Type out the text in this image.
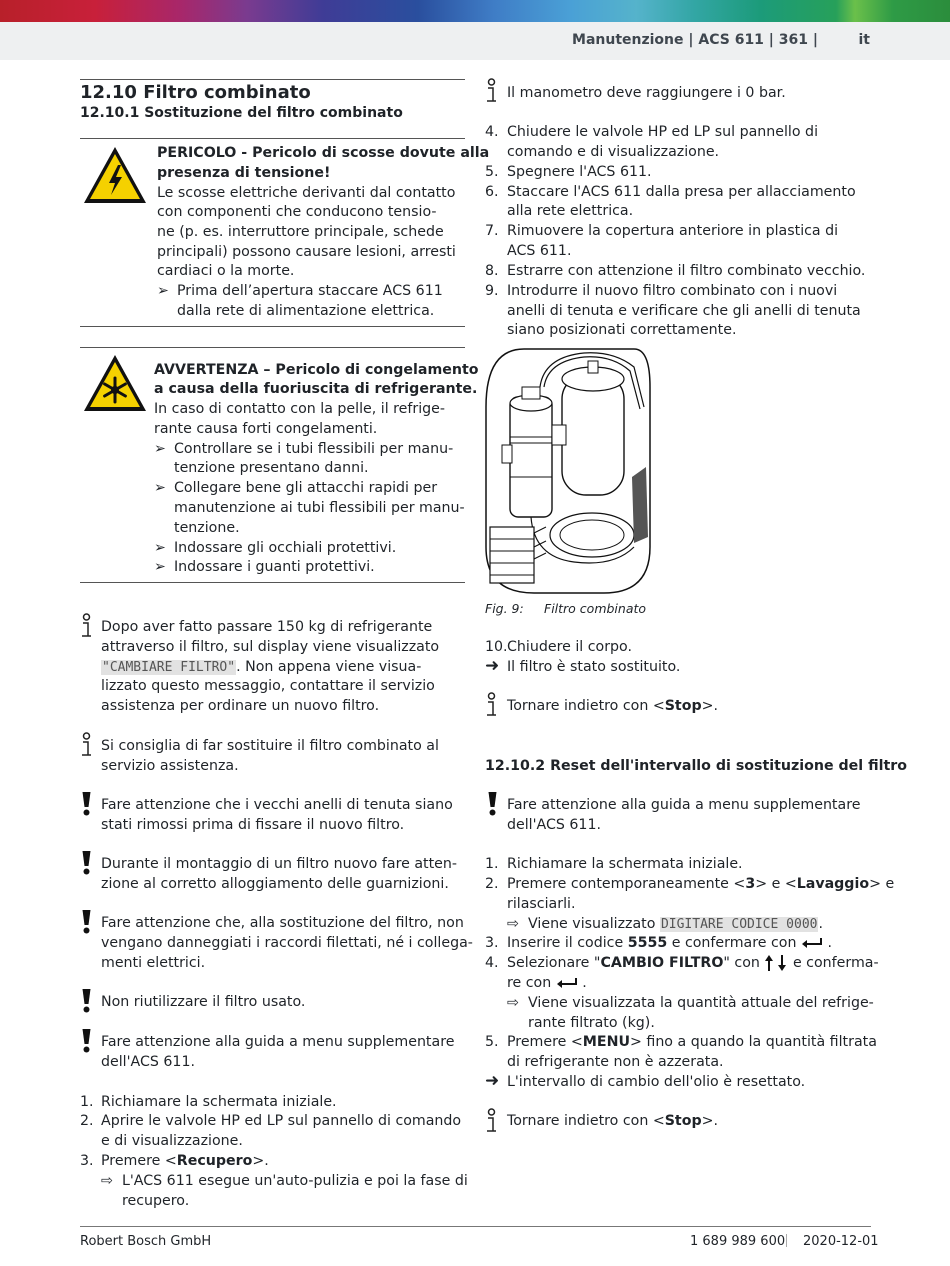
Manutenzione | ACS 611 | 361 |	it
12.10 Filtro combinato
12.10.1 Sostituzione del filtro combinato
PERICOLO - Pericolo di scosse dovute alla
presenza di tensione!
Le scosse elettriche derivanti dal contatto
con componenti che conducono tensio-
ne (p. es. interruttore principale, schede
principali) possono causare lesioni, arresti
cardiaci o la morte.
➢ Prima dell’apertura staccare ACS 611
dalla rete di alimentazione elettrica.
AVVERTENZA – Pericolo di congelamento
a causa della fuoriuscita di refrigerante.
In caso di contatto con la pelle, il refrige-
rante causa forti congelamenti.
➢ Controllare se i tubi flessibili per manu-
tenzione presentano danni.
➢ Collegare bene gli attacchi rapidi per
manutenzione ai tubi flessibili per manu-
tenzione.
➢ Indossare gli occhiali protettivi.
➢ Indossare i guanti protettivi.
Dopo aver fatto passare 150 kg di refrigerante
attraverso il filtro, sul display viene visualizzato
"CAMBIARE FILTRO". Non appena viene visua-
lizzato questo messaggio, contattare il servizio
assistenza per ordinare un nuovo filtro.
Si consiglia di far sostituire il filtro combinato al
servizio assistenza.
Fare attenzione che i vecchi anelli di tenuta siano
stati rimossi prima di fissare il nuovo filtro.
Durante il montaggio di un filtro nuovo fare atten-
zione al corretto alloggiamento delle guarnizioni.
Fare attenzione che, alla sostituzione del filtro, non
vengano danneggiati i raccordi filettati, né i collega-
menti elettrici.
Non riutilizzare il filtro usato.
Fare attenzione alla guida a menu supplementare
dell'ACS 611.
1. Richiamare la schermata iniziale.
2. Aprire le valvole HP ed LP sul pannello di comando
e di visualizzazione.
3. Premere <Recupero>.
⇨ L'ACS 611 esegue un'auto-pulizia e poi la fase di
recupero.
Il manometro deve raggiungere i 0 bar.
4. Chiudere le valvole HP ed LP sul pannello di
comando e di visualizzazione.
5. Spegnere l'ACS 611.
6. Staccare l'ACS 611 dalla presa per allacciamento
alla rete elettrica.
7. Rimuovere la copertura anteriore in plastica di
ACS 611.
8. Estrarre con attenzione il filtro combinato vecchio.
9. Introdurre il nuovo filtro combinato con i nuovi
anelli di tenuta e verificare che gli anelli di tenuta
siano posizionati correttamente.
Fig. 9: Filtro combinato
10. Chiudere il corpo.
➜ Il filtro è stato sostituito.
Tornare indietro con <Stop>.
12.10.2 Reset dell'intervallo di sostituzione del filtro
Fare attenzione alla guida a menu supplementare
dell'ACS 611.
1. Richiamare la schermata iniziale.
2. Premere contemporaneamente <3> e <Lavaggio> e
rilasciarli.
⇨ Viene visualizzato DIGITARE CODICE 0000.
3. Inserire il codice 5555 e confermare con  .
4. Selezionare "CAMBIO FILTRO" con e conferma-
re con  .
⇨ Viene visualizzata la quantità attuale del refrige-
rante filtrato (kg).
5. Premere <MENU> fino a quando la quantità filtrata
di refrigerante non è azzerata.
➜ L'intervallo di cambio dell'olio è resettato.
Tornare indietro con <Stop>.
Robert Bosch GmbH	1 689 989 600 2020-12-01
